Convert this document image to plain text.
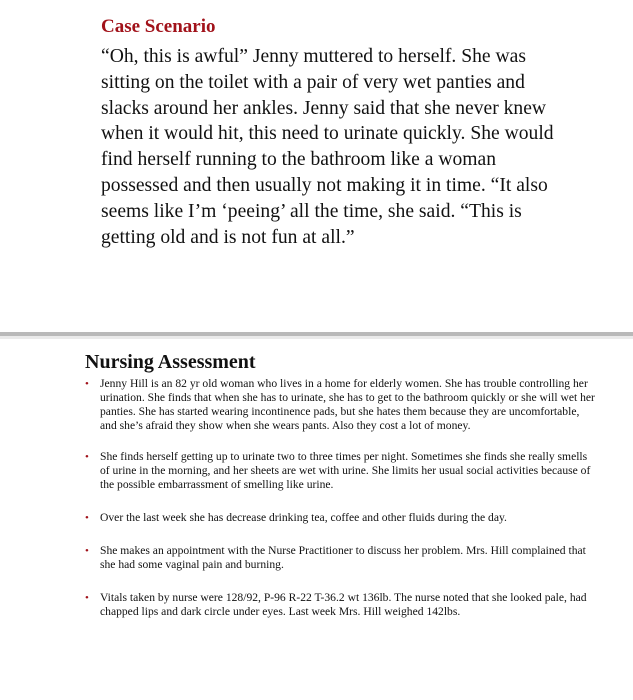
Case Scenario

“Oh, this is awful” Jenny muttered to herself. She was sitting on the toilet with a pair of very wet panties and slacks around her ankles. Jenny said that she never knew when it would hit, this need to urinate quickly. She would find herself running to the bathroom like a woman possessed and then usually not making it in time. “It also seems like I’m ‘peeing’ all the time, she said. “This is getting old and is not fun at all.”

Nursing Assessment
• Jenny Hill is an 82 yr old woman who lives in a home for elderly women. She has trouble controlling her urination. She finds that when she has to urinate, she has to get to the bathroom quickly or she will wet her panties. She has started wearing incontinence pads, but she hates them because they are uncomfortable, and she’s afraid they show when she wears pants. Also they cost a lot of money.
• She finds herself getting up to urinate two to three times per night. Sometimes she finds she really smells of urine in the morning, and her sheets are wet with urine. She limits her usual social activities because of the possible embarrassment of smelling like urine.
• Over the last week she has decrease drinking tea, coffee and other fluids during the day.
• She makes an appointment with the Nurse Practitioner to discuss her problem. Mrs. Hill complained that she had some vaginal pain and burning.
• Vitals taken by nurse were 128/92, P-96 R-22 T-36.2 wt 136lb. The nurse noted that she looked pale, had chapped lips and dark circle under eyes. Last week Mrs. Hill weighed 142lbs.
